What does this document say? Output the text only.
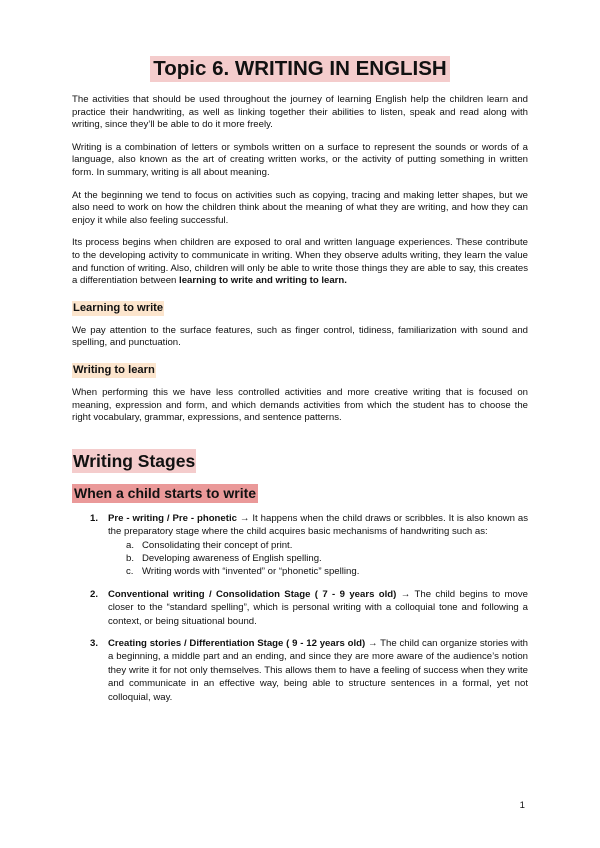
Topic 6. WRITING IN ENGLISH

The activities that should be used throughout the journey of learning English help the children learn and practice their handwriting, as well as linking together their abilities to listen, speak and read along with writing, since they’ll be able to do it more freely.

Writing is a combination of letters or symbols written on a surface to represent the sounds or words of a language, also known as the art of creating written works, or the activity of putting something in written form. In summary, writing is all about meaning.

At the beginning we tend to focus on activities such as copying, tracing and making letter shapes, but we also need to work on how the children think about the meaning of what they are writing, and how they can enjoy it while also feeling successful.

Its process begins when children are exposed to oral and written language experiences. These contribute to the developing activity to communicate in writing. When they observe adults writing, they learn the value and function of writing. Also, children will only be able to write those things they are able to say, this creates a differentiation between learning to write and writing to learn.

Learning to write

We pay attention to the surface features, such as finger control, tidiness, familiarization with sound and spelling, and punctuation.

Writing to learn

When performing this we have less controlled activities and more creative writing that is focused on meaning, expression and form, and which demands activities from which the student has to choose the right vocabulary, grammar, expressions, and sentence patterns.

Writing Stages
When a child starts to write
1. Pre - writing / Pre - phonetic → It happens when the child draws or scribbles. It is also known as the preparatory stage where the child acquires basic mechanisms of handwriting such as:
a. Consolidating their concept of print.
b. Developing awareness of English spelling.
c. Writing words with “invented” or “phonetic” spelling.
2. Conventional writing / Consolidation Stage ( 7 - 9 years old) → The child begins to move closer to the “standard spelling”, which is personal writing with a colloquial tone and following a context, or being situational bound.
3. Creating stories / Differentiation Stage ( 9 - 12 years old) → The child can organize stories with a beginning, a middle part and an ending, and since they are more aware of the audience’s notion they write it for not only themselves. This allows them to have a feeling of success when they write and communicate in an effective way, being able to structure sentences in a formal, yet not colloquial, way.
1
